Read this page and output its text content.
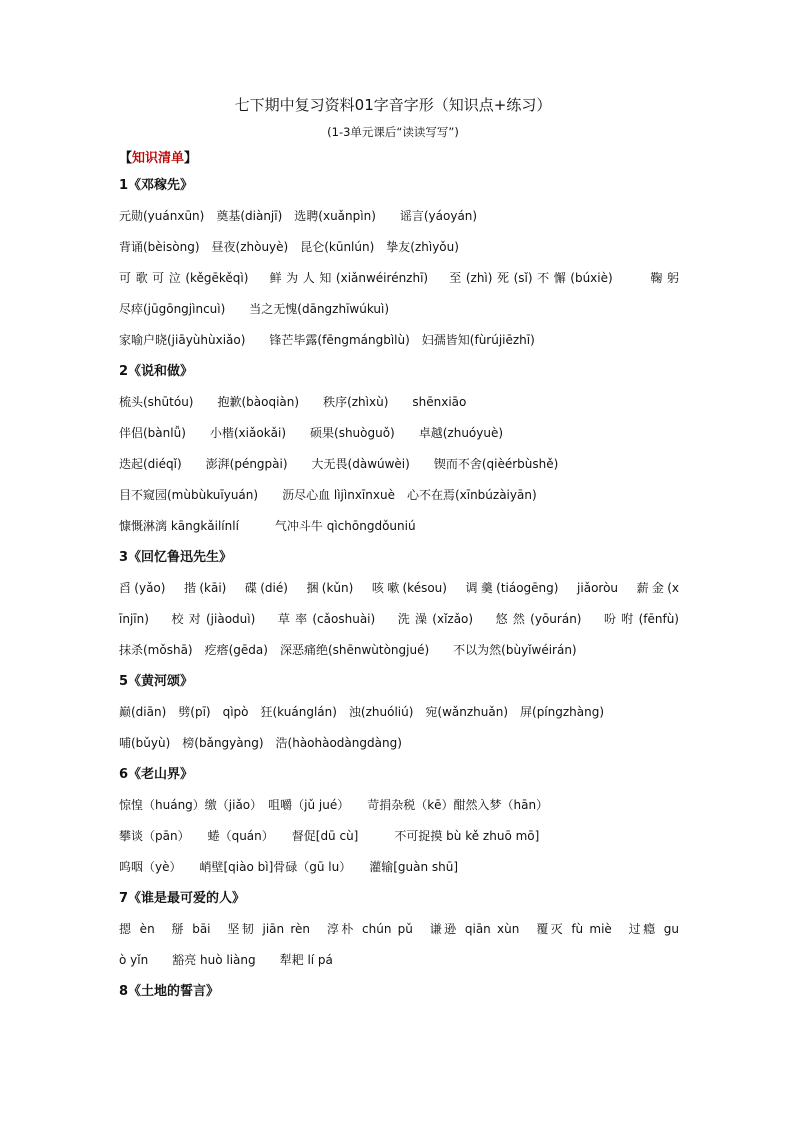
七下期中复习资料01字音字形（知识点+练习）
(1-3单元课后“读读写写”)
【知识清单】
1《邓稼先》
元勋(yuánxūn)　奠基(diànjī)　选聘(xuǎnpìn)　　谣言(yáoyán)
背诵(bèisòng)　昼夜(zhòuyè)　昆仑(kūnlún)　挚友(zhìyǒu)
可歌可泣(kěgēkěqì)　鲜为人知(xiǎnwéirénzhī)　至(zhì)死(sǐ)不懈(búxiè)　　鞠躬
尽瘁(jūgōngjìncuì)　　当之无愧(dāngzhīwúkuì)
家喻户晓(jiāyùhùxiǎo)　　锋芒毕露(fēngmángbìlù)　妇孺皆知(fùrújiēzhī)
2《说和做》
梳头(shūtóu)　　抱歉(bàoqiàn)　　秩序(zhìxù)　　shēnxiāo
伴侣(bànlǚ)　　小楷(xiǎokǎi)　　硕果(shuòguǒ)　　卓越(zhuóyuè)
迭起(diéqǐ)　　澎湃(péngpài)　　大无畏(dàwúwèi)　　锲而不舍(qièérbùshě)
目不窥园(mùbùkuīyuán)　　沥尽心血 lìjìnxīnxuè　心不在焉(xīnbúzàiyān)
慷慨淋漓 kāngkǎilínlí　　　气冲斗牛 qìchōngdǒuniú
3《回忆鲁迅先生》
舀(yǎo)　揩(kāi)　碟(dié)　捆(kǔn)　咳嗽(késou)　调羹(tiáogēng)　jiǎoròu　薪金(x
īnjīn)　校对(jiàoduì)　草率(cǎoshuài)　洗澡(xǐzǎo)　悠然(yōurán)　吩咐(fēnfù)
抹杀(mǒshā)　疙瘩(gēda)　深恶痛绝(shēnwùtòngjué)　　不以为然(bùyǐwéirán)
5《黄河颂》
巅(diān)　劈(pī)　qìpò　狂(kuánglán)　浊(zhuóliú)　宛(wǎnzhuǎn)　屏(píngzhàng)
哺(bǔyù)　榜(bǎngyàng)　浩(hàohàodàngdàng)
6《老山界》
惊惶（huáng）缴（jiǎo）　咀嚼（jǔ jué）　　苛捐杂税（kē）酣然入梦（hān）
攀谈（pān）　　蜷（quán）　　督促[dū cù]　　　不可捉摸 bù kě zhuō mō]
呜咽（yè）　　峭壁[qiào bì]骨碌（gū lu）　　灌输[guàn shū]
7《谁是最可爱的人》
摁 èn　掰 bāi　坚韧 jiān rèn　淳朴 chún pǔ　谦逊 qiān xùn　覆灭 fù miè　过瘾 gu
ò yǐn　　豁亮 huò liàng　　犁耙 lí pá
8《土地的誓言》
